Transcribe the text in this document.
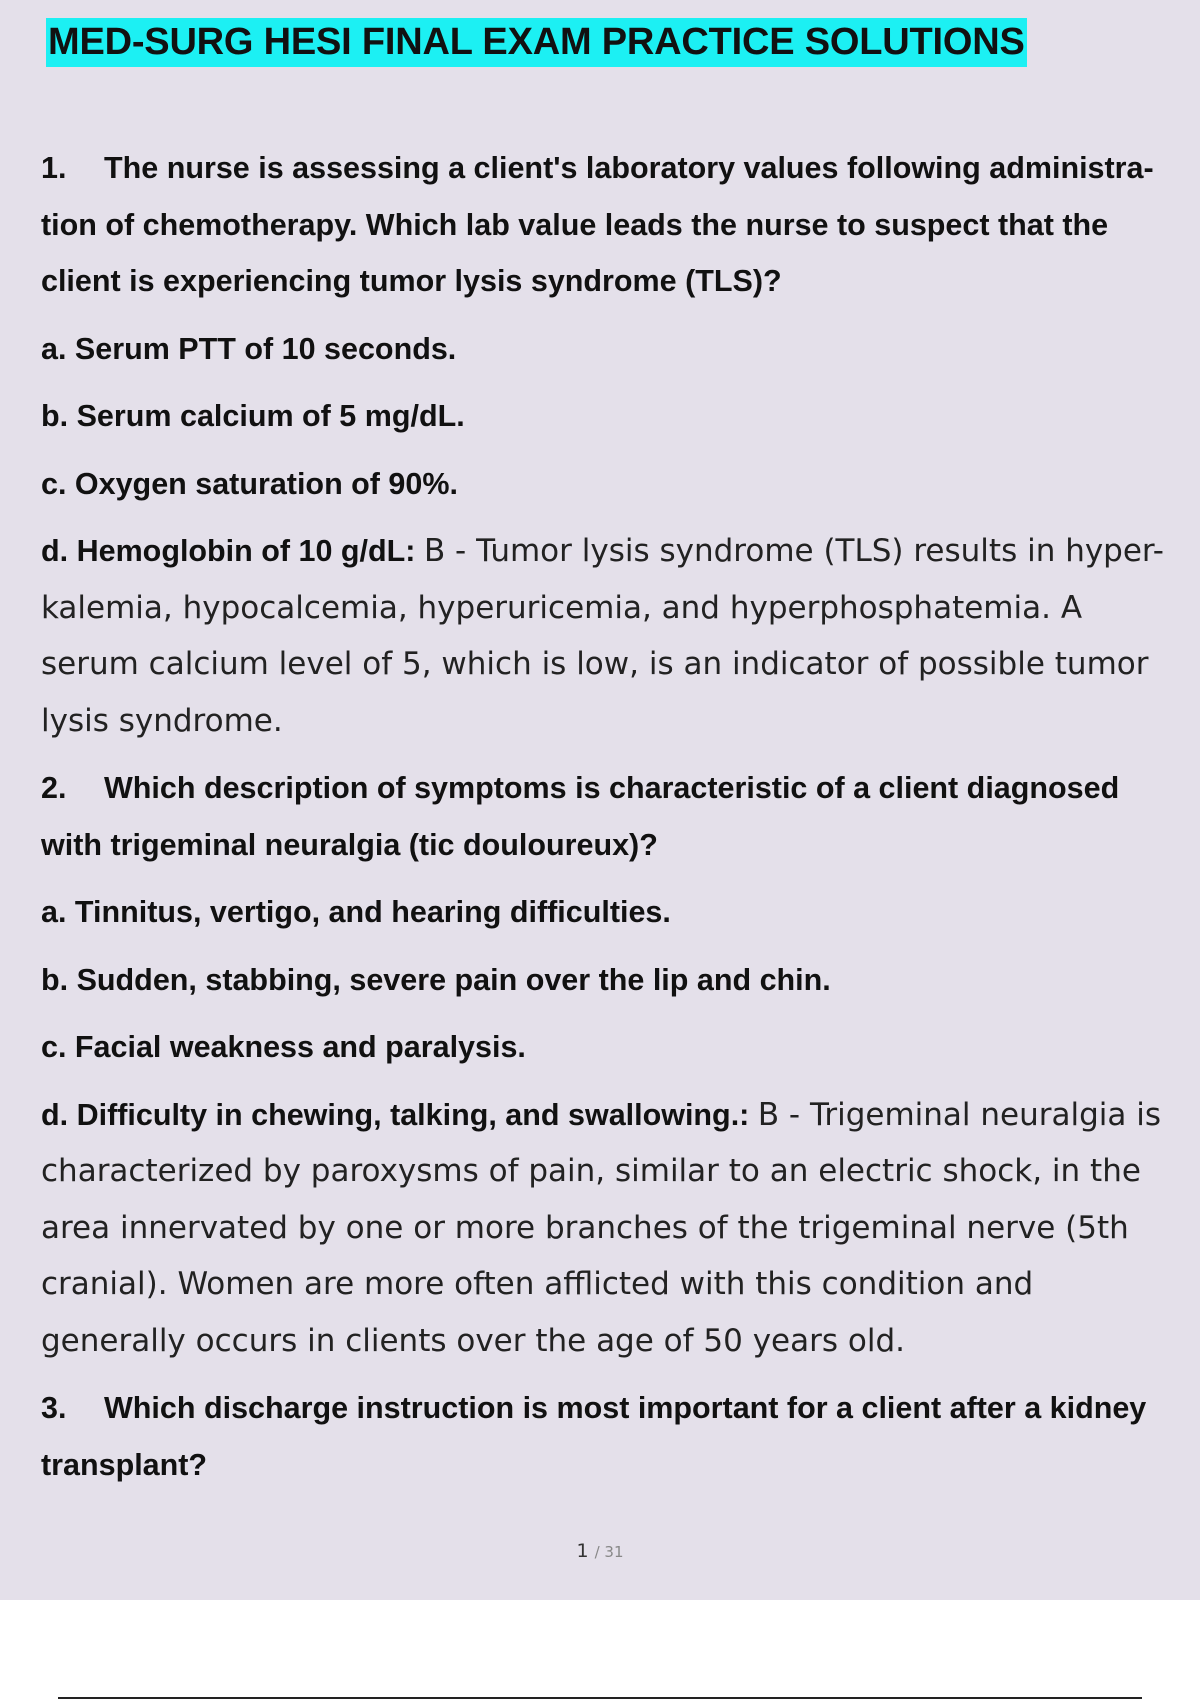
MED-SURG HESI FINAL EXAM PRACTICE SOLUTIONS
1. The nurse is assessing a client's laboratory values following administra- tion of chemotherapy. Which lab value leads the nurse to suspect that the client is experiencing tumor lysis syndrome (TLS)?
a. Serum PTT of 10 seconds.
b. Serum calcium of 5 mg/dL.
c. Oxygen saturation of 90%.
d. Hemoglobin of 10 g/dL: B - Tumor lysis syndrome (TLS) results in hyper- kalemia, hypocalcemia, hyperuricemia, and hyperphosphatemia. A serum calcium level of 5, which is low, is an indicator of possible tumor lysis syndrome.
2. Which description of symptoms is characteristic of a client diagnosed with trigeminal neuralgia (tic douloureux)?
a. Tinnitus, vertigo, and hearing difficulties.
b. Sudden, stabbing, severe pain over the lip and chin.
c. Facial weakness and paralysis.
d. Difficulty in chewing, talking, and swallowing.: B - Trigeminal neuralgia is characterized by paroxysms of pain, similar to an electric shock, in the area innervated by one or more branches of the trigeminal nerve (5th cranial). Women are more often afflicted with this condition and generally occurs in clients over the age of 50 years old.
3. Which discharge instruction is most important for a client after a kidney transplant?
1 / 31
